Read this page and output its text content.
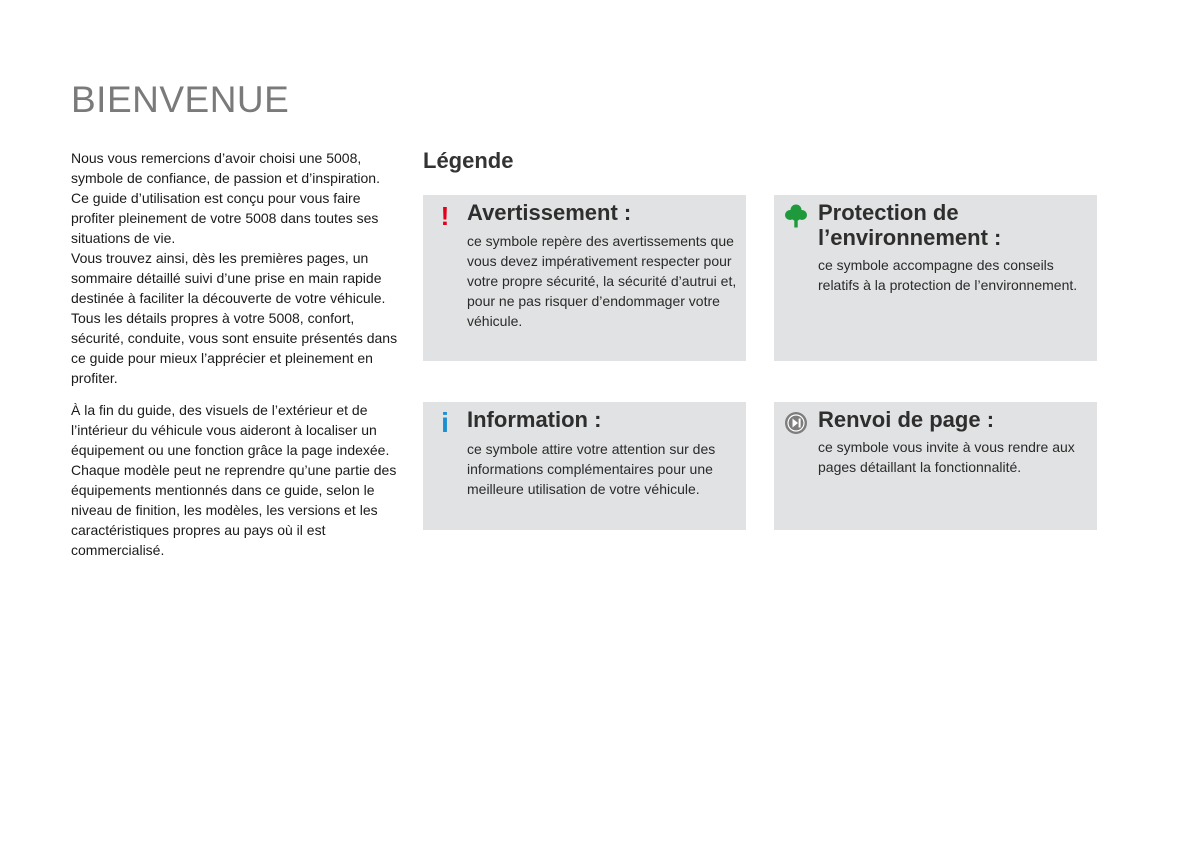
BIENVENUE

Nous vous remercions d’avoir choisi une 5008, symbole de confiance, de passion et d’inspiration.

Ce guide d’utilisation est conçu pour vous faire profiter pleinement de votre 5008 dans toutes ses situations de vie.

Vous trouvez ainsi, dès les premières pages, un sommaire détaillé suivi d’une prise en main rapide destinée à faciliter la découverte de votre véhicule.

Tous les détails propres à votre 5008, confort, sécurité, conduite, vous sont ensuite présentés dans ce guide pour mieux l’apprécier et pleinement en profiter.

À la fin du guide, des visuels de l’extérieur et de l’intérieur du véhicule vous aideront à localiser un équipement ou une fonction grâce la page indexée.

Chaque modèle peut ne reprendre qu’une partie des équipements mentionnés dans ce guide, selon le niveau de finition, les modèles, les versions et les caractéristiques propres au pays où il est commercialisé.

Légende
! Avertissement :

ce symbole repère des avertissements que vous devez impérativement respecter pour votre propre sécurité, la sécurité d’autrui et, pour ne pas risquer d’endommager votre véhicule.

Protection de l’environnement :

ce symbole accompagne des conseils relatifs à la protection de l’environnement.

i Information :

ce symbole attire votre attention sur des informations complémentaires pour une meilleure utilisation de votre véhicule.

Renvoi de page :

ce symbole vous invite à vous rendre aux pages détaillant la fonctionnalité.
